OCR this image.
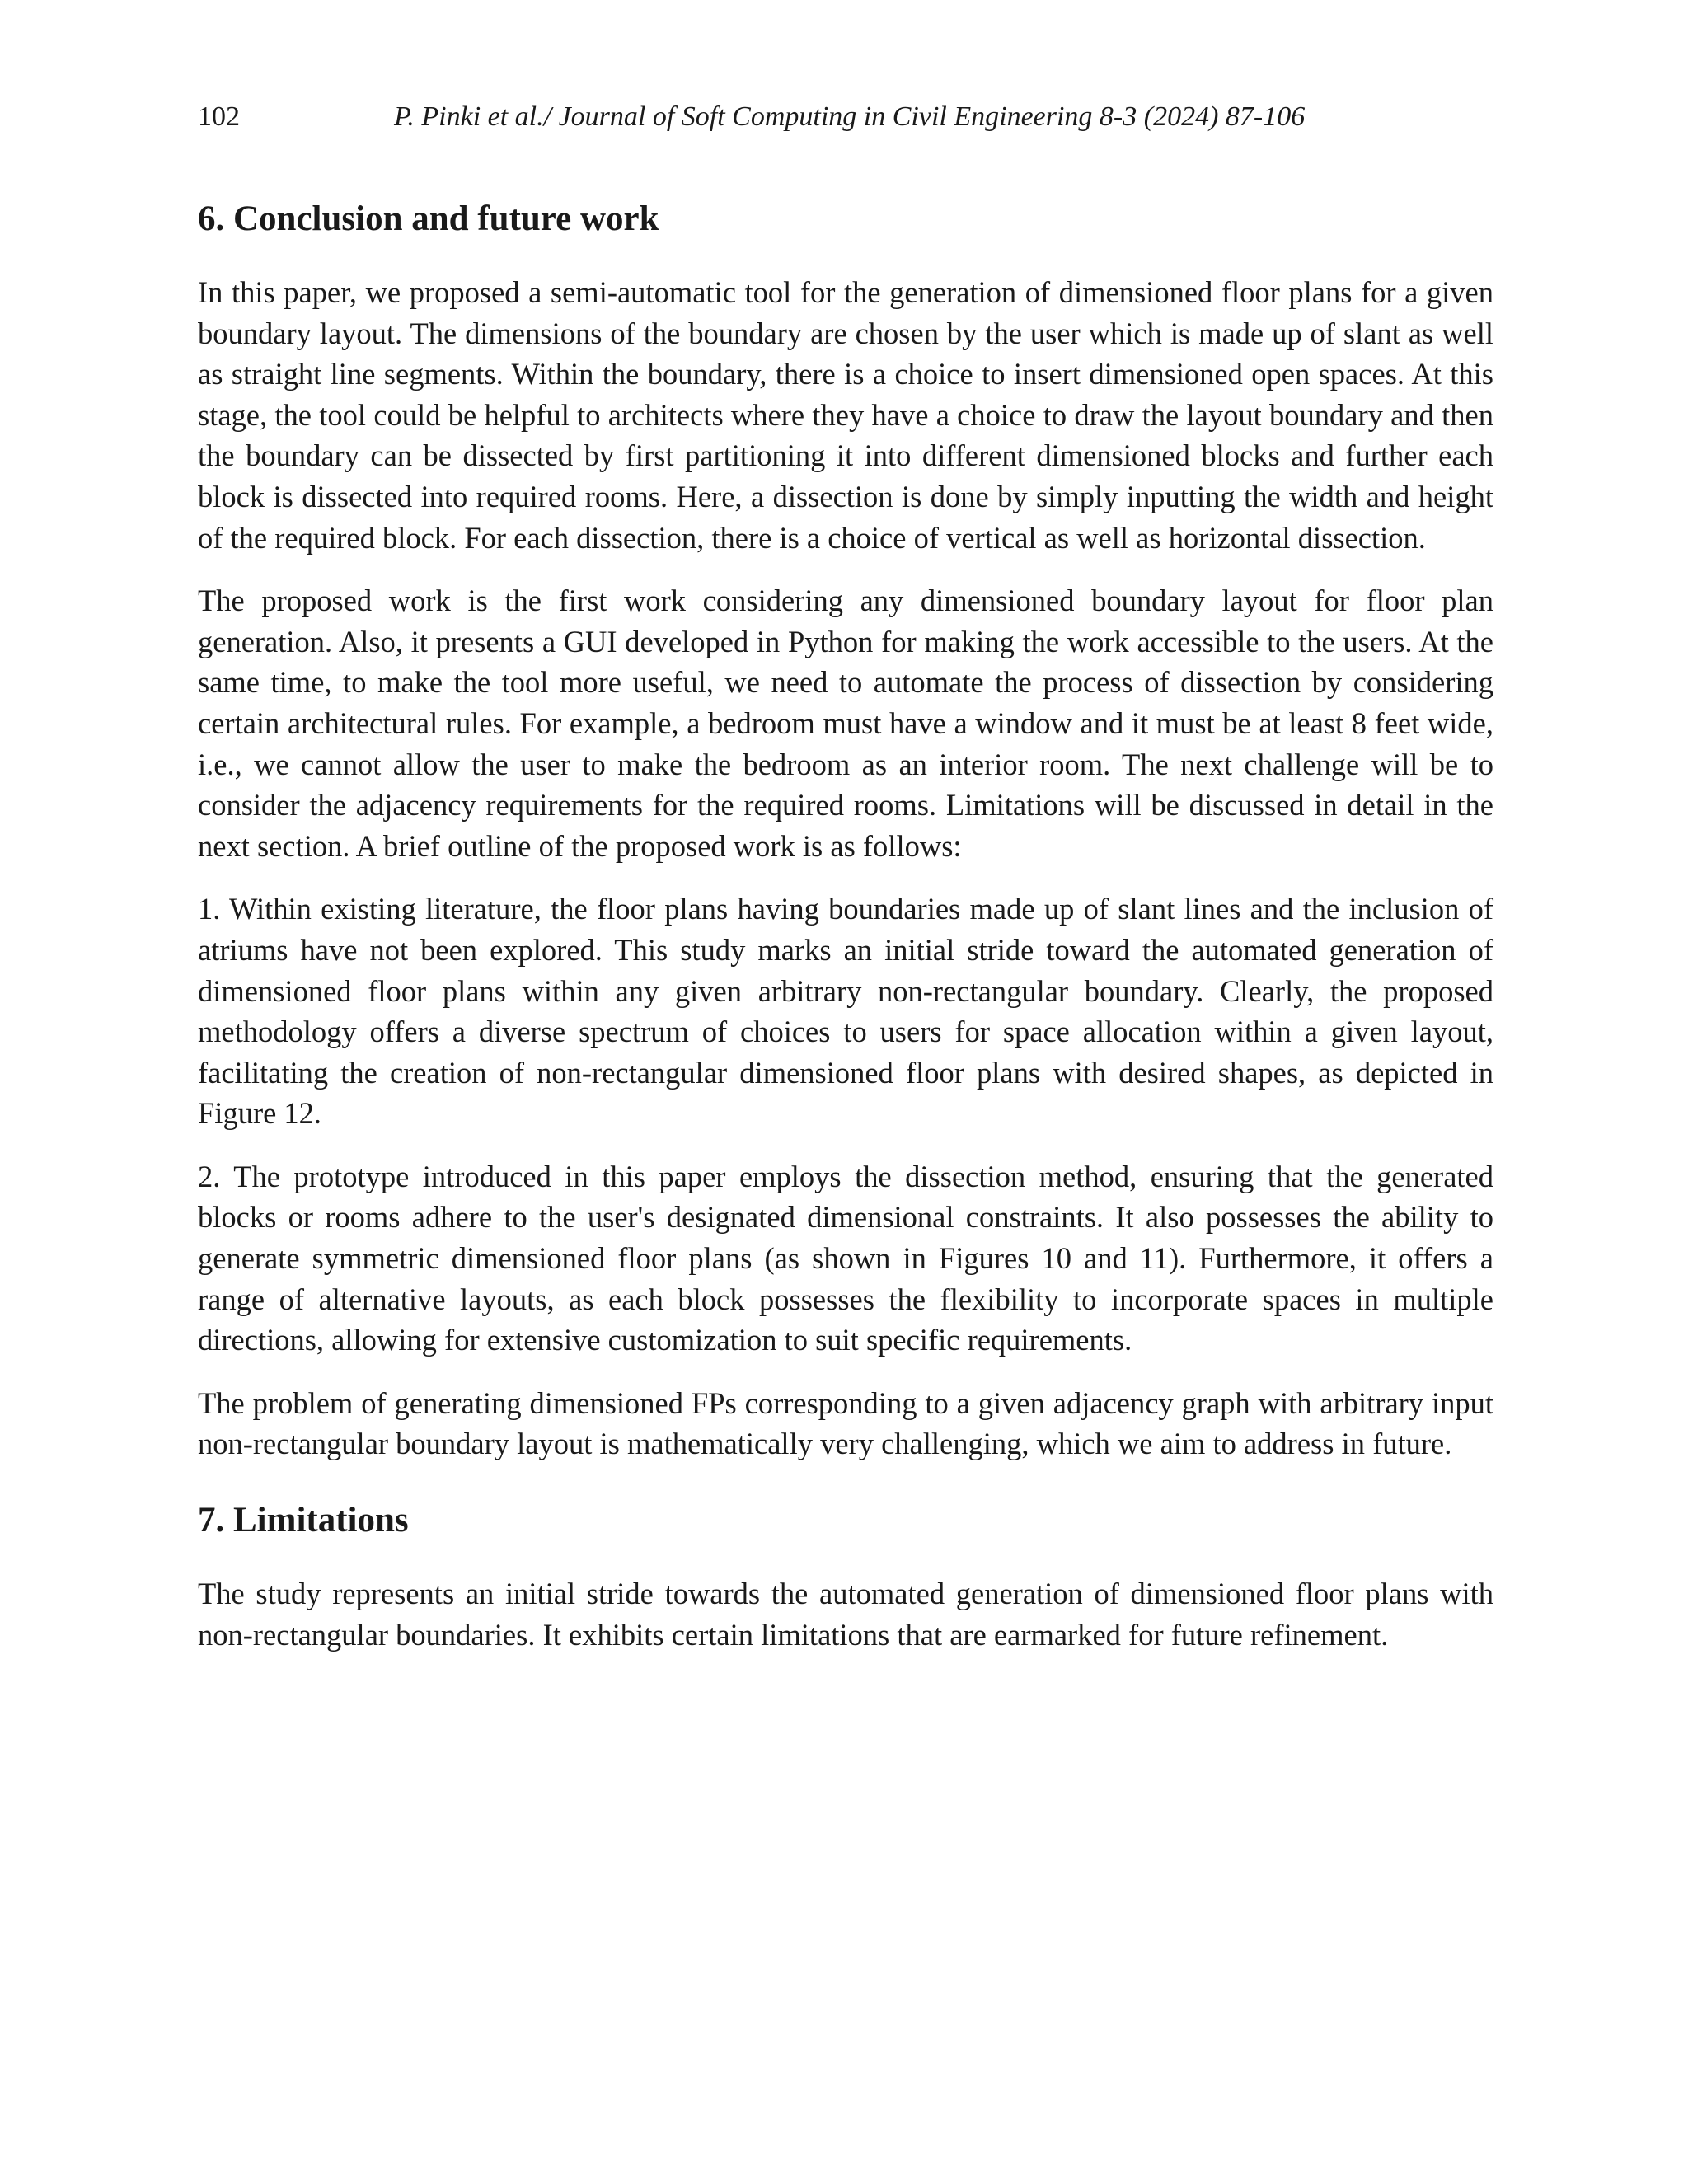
102	P. Pinki et al./ Journal of Soft Computing in Civil Engineering 8-3 (2024) 87-106
6. Conclusion and future work

In this paper, we proposed a semi-automatic tool for the generation of dimensioned floor plans for a given boundary layout. The dimensions of the boundary are chosen by the user which is made up of slant as well as straight line segments. Within the boundary, there is a choice to insert dimensioned open spaces. At this stage, the tool could be helpful to architects where they have a choice to draw the layout boundary and then the boundary can be dissected by first partitioning it into different dimensioned blocks and further each block is dissected into required rooms. Here, a dissection is done by simply inputting the width and height of the required block. For each dissection, there is a choice of vertical as well as horizontal dissection.

The proposed work is the first work considering any dimensioned boundary layout for floor plan generation. Also, it presents a GUI developed in Python for making the work accessible to the users. At the same time, to make the tool more useful, we need to automate the process of dissection by considering certain architectural rules. For example, a bedroom must have a window and it must be at least 8 feet wide, i.e., we cannot allow the user to make the bedroom as an interior room. The next challenge will be to consider the adjacency requirements for the required rooms. Limitations will be discussed in detail in the next section. A brief outline of the proposed work is as follows:

1. Within existing literature, the floor plans having boundaries made up of slant lines and the inclusion of atriums have not been explored. This study marks an initial stride toward the automated generation of dimensioned floor plans within any given arbitrary non-rectangular boundary. Clearly, the proposed methodology offers a diverse spectrum of choices to users for space allocation within a given layout, facilitating the creation of non-rectangular dimensioned floor plans with desired shapes, as depicted in Figure 12.

2. The prototype introduced in this paper employs the dissection method, ensuring that the generated blocks or rooms adhere to the user's designated dimensional constraints. It also possesses the ability to generate symmetric dimensioned floor plans (as shown in Figures 10 and 11). Furthermore, it offers a range of alternative layouts, as each block possesses the flexibility to incorporate spaces in multiple directions, allowing for extensive customization to suit specific requirements.

The problem of generating dimensioned FPs corresponding to a given adjacency graph with arbitrary input non-rectangular boundary layout is mathematically very challenging, which we aim to address in future.

7. Limitations

The study represents an initial stride towards the automated generation of dimensioned floor plans with non-rectangular boundaries. It exhibits certain limitations that are earmarked for future refinement.
